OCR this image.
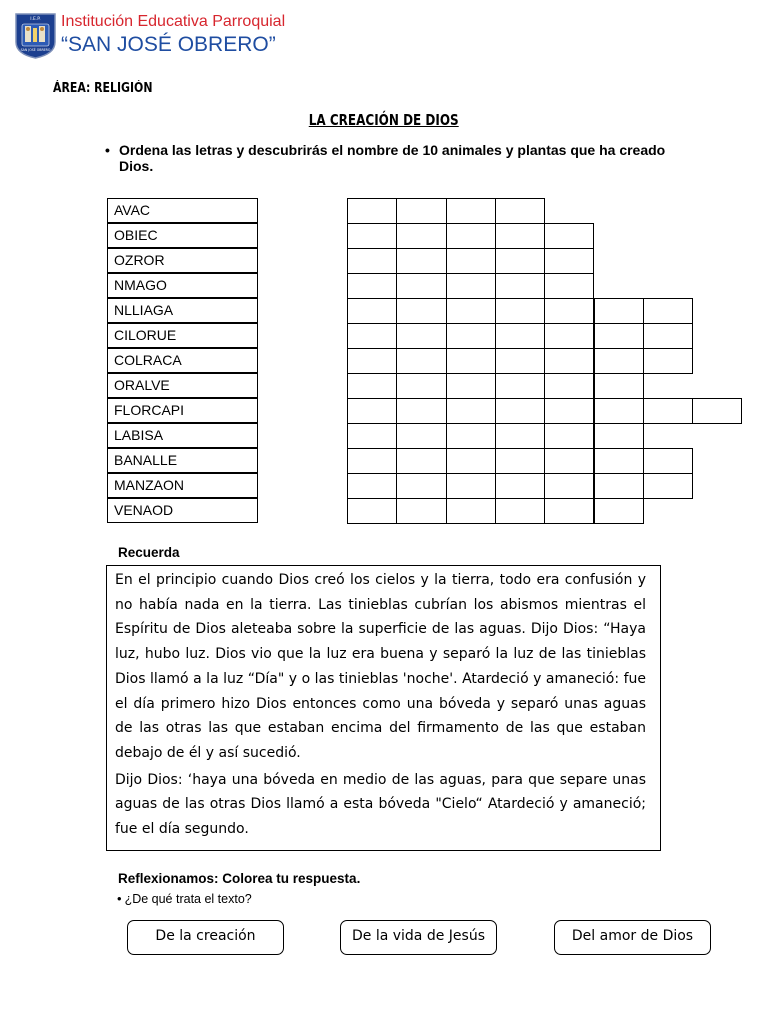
I.E.P.
SAN JOSÉ OBRERO
Institución Educativa Parroquial
“SAN JOSÉ OBRERO”
ÁREA: RELIGIÓN
LA CREACIÓN DE DIOS
• Ordena las letras y descubrirás el nombre de 10 animales y plantas que ha creado Dios.
AVAC
OBIEC
OZROR
NMAGO
NLLIAGA
CILORUE
COLRACA
ORALVE
FLORCAPI
LABISA
BANALLE
MANZAON
VENAOD
Recuerda

En el principio cuando Dios creó los cielos y la tierra, todo era confusión y no había nada en la tierra. Las tinieblas cubrían los abismos mientras el Espíritu de Dios aleteaba sobre la superficie de las aguas. Dijo Dios: “Haya luz, hubo luz. Dios vio que la luz era buena y separó la luz de las tinieblas Dios llamó a la luz “Día" y o las tinieblas 'noche'. Atardeció y amaneció: fue el día primero hizo Dios entonces como una bóveda y separó unas aguas de las otras las que estaban encima del firmamento de las que estaban debajo de él y así sucedió.

Dijo Dios: ‘haya una bóveda en medio de las aguas, para que separe unas aguas de las otras Dios llamó a esta bóveda "Cielo“ Atardeció y amaneció; fue el día segundo.

Reflexionamos: Colorea tu respuesta.
• ¿De qué trata el texto?
De la creación	De la vida de Jesús	Del amor de Dios
